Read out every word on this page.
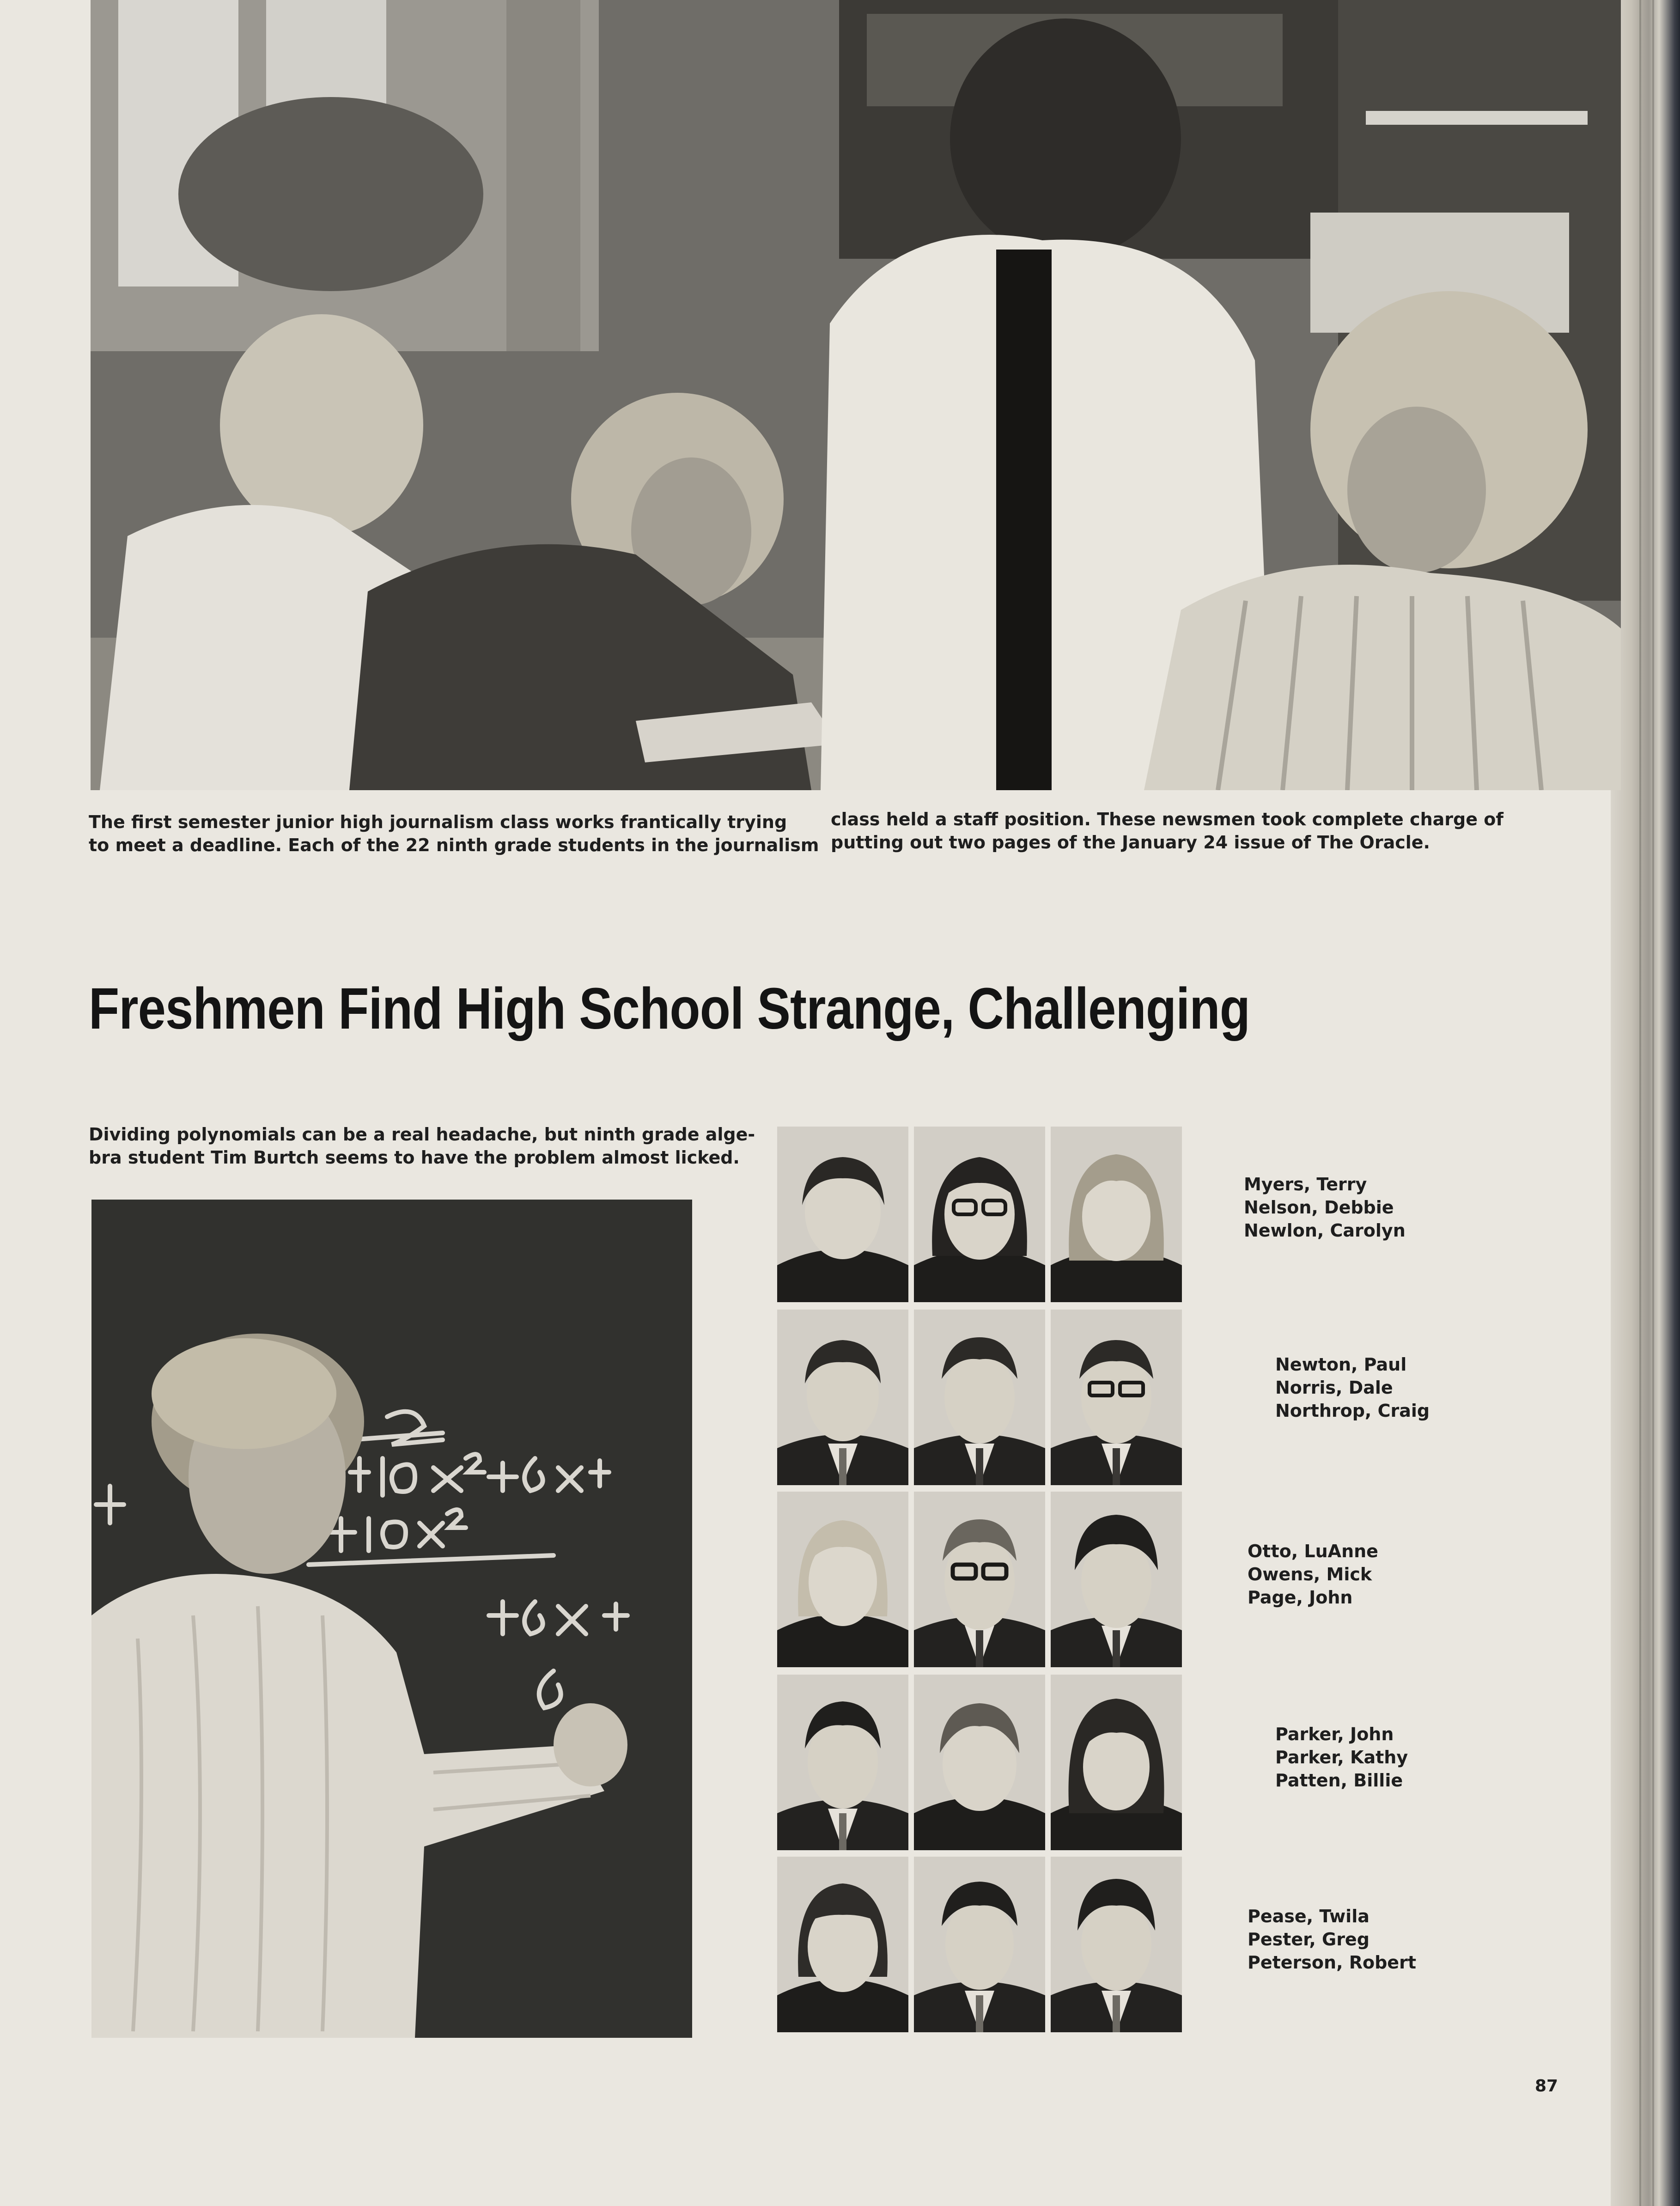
The first semester junior high journalism class works frantically trying
to meet a deadline. Each of the 22 ninth grade students in the journalism

class held a staff position. These newsmen took complete charge of
putting out two pages of the January 24 issue of The Oracle.

Freshmen Find High School Strange, Challenging

Dividing polynomials can be a real headache, but ninth grade alge-
bra student Tim Burtch seems to have the problem almost licked.

Myers, Terry
Nelson, Debbie
Newlon, Carolyn
Newton, Paul
Norris, Dale
Northrop, Craig
Otto, LuAnne
Owens, Mick
Page, John
Parker, John
Parker, Kathy
Patten, Billie
Pease, Twila
Pester, Greg
Peterson, Robert
87
